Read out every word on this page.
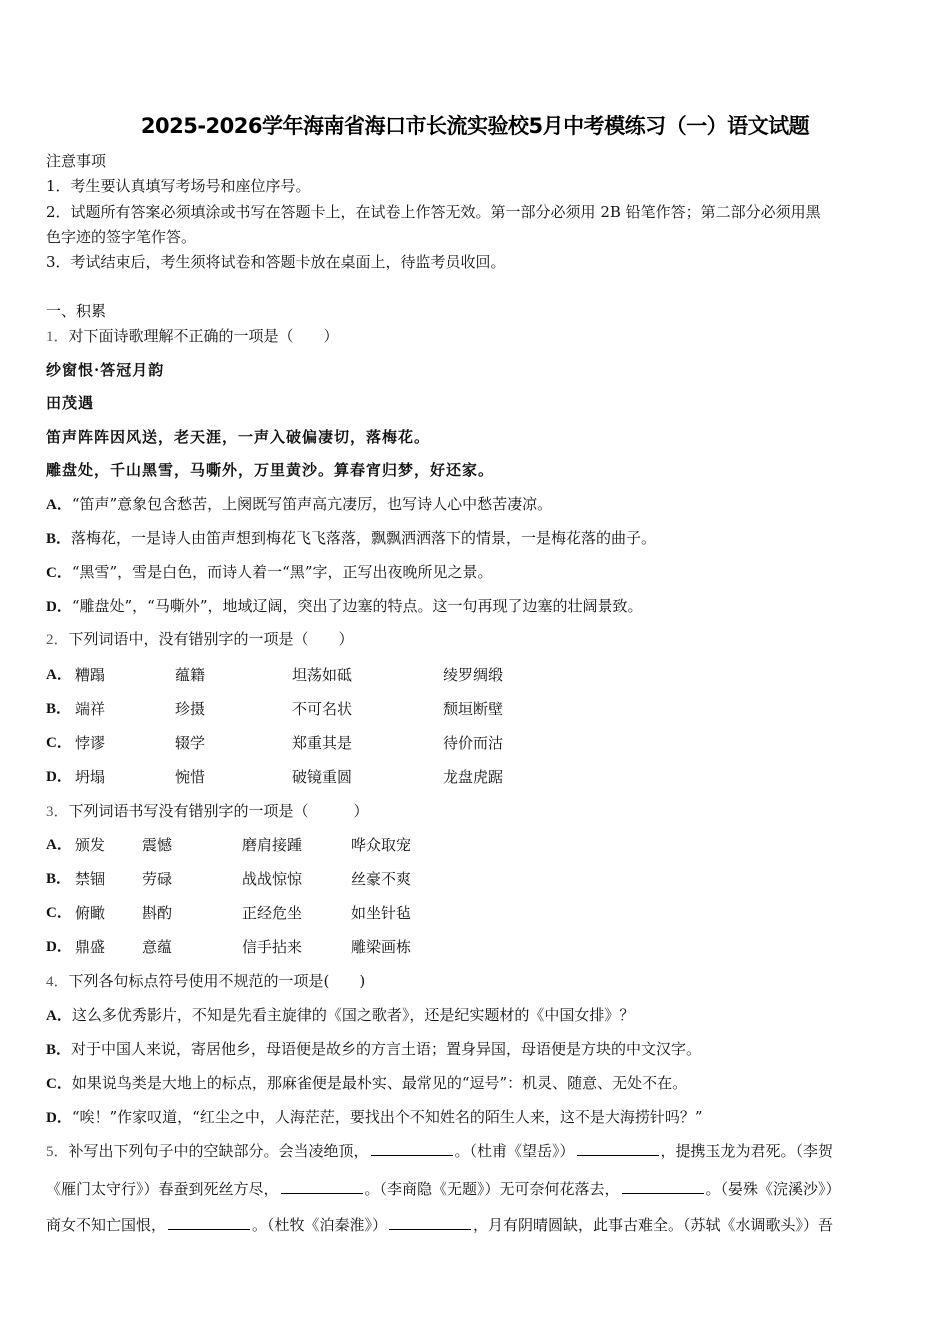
2025-2026学年海南省海口市长流实验校5月中考模练习（一）语文试题
注意事项
1．考生要认真填写考场号和座位序号。
2．试题所有答案必须填涂或书写在答题卡上，在试卷上作答无效。第一部分必须用 2B 铅笔作答；第二部分必须用黑
色字迹的签字笔作答。
3．考试结束后，考生须将试卷和答题卡放在桌面上，待监考员收回。
一、积累
1．对下面诗歌理解不正确的一项是（　　）
纱窗恨·答冠月韵
田茂遇
笛声阵阵因风送，老天涯，一声入破偏凄切，落梅花。
雕盘处，千山黑雪，马嘶外，万里黄沙。算春宵归梦，好还家。
A．“笛声”意象包含愁苦，上阕既写笛声高亢凄厉，也写诗人心中愁苦凄凉。
B．落梅花，一是诗人由笛声想到梅花飞飞落落，飘飘洒洒落下的情景，一是梅花落的曲子。
C．“黑雪”，雪是白色，而诗人着一“黑”字，正写出夜晚所见之景。
D．“雕盘处”，“马嘶外”，地域辽阔，突出了边塞的特点。这一句再现了边塞的壮阔景致。
2．下列词语中，没有错别字的一项是（　　）
A． 糟蹋	蕴籍	坦荡如砥	绫罗绸缎
B． 端祥	珍摄	不可名状	颓垣断壁
C． 悖谬	辍学	郑重其是	待价而沽
D． 坍塌	惋惜	破镜重圆	龙盘虎踞
3．下列词语书写没有错别字的一项是（　　　）
A． 颁发 震憾	磨肩接踵	哗众取宠
B． 禁锢 劳碌	战战惊惊	丝豪不爽
C． 俯瞰 斟酌	正经危坐	如坐针毡
D． 鼎盛 意蕴	信手拈来	雕梁画栋
4．下列各句标点符号使用不规范的一项是(　　)
A．这么多优秀影片，不知是先看主旋律的《国之歌者》，还是纪实题材的《中国女排》？
B．对于中国人来说，寄居他乡，母语便是故乡的方言土语；置身异国，母语便是方块的中文汉字。
C．如果说鸟类是大地上的标点，那麻雀便是最朴实、最常见的“逗号”：机灵、随意、无处不在。
D．“唉！”作家叹道，“红尘之中，人海茫茫，要找出个不知姓名的陌生人来，这不是大海捞针吗？”
5．补写出下列句子中的空缺部分。会当凌绝顶，	。（杜甫《望岳》）	，提携玉龙为君死。（李贺
《雁门太守行》）春蚕到死丝方尽，	。（李商隐《无题》）无可奈何花落去，	。（晏殊《浣溪沙》）
商女不知亡国恨，	。（杜牧《泊秦淮》）	，月有阴晴圆缺，此事古难全。（苏轼《水调歌头》）吾
